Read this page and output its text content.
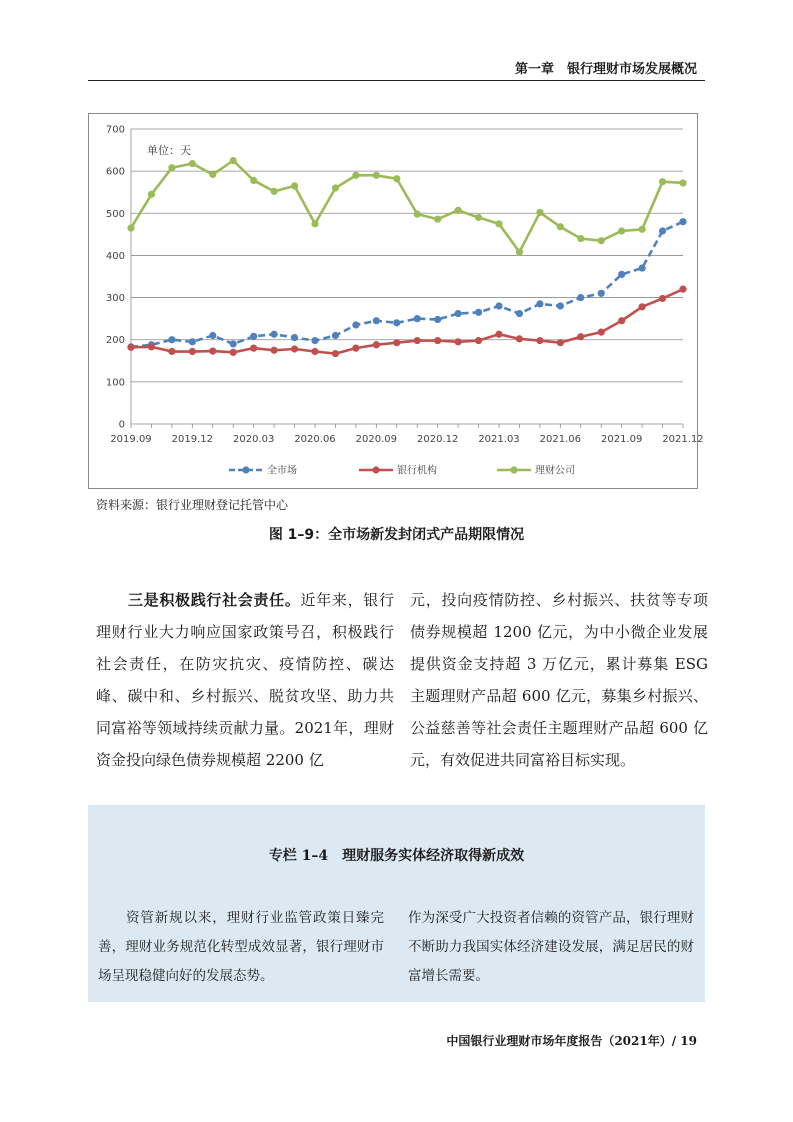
第一章　银行理财市场发展概况
0
100
200
300
400
500
600
700
2019.09 2019.12 2020.03 2020.06 2020.09 2020.12 2021.03 2021.06 2021.09 2021.12
单位：天
全市场	银行机构	理财公司
资料来源：银行业理财登记托管中心
图 1–9：全市场新发封闭式产品期限情况
三是积极践行社会责任。近年来，银行理财行业大力响应国家政策号召，积极践行社会责任，在防灾抗灾、疫情防控、碳达峰、碳中和、乡村振兴、脱贫攻坚、助力共同富裕等领域持续贡献力量。2021年，理财资金投向绿色债券规模超 2200 亿
元，投向疫情防控、乡村振兴、扶贫等专项债券规模超 1200 亿元，为中小微企业发展提供资金支持超 3 万亿元，累计募集 ESG 主题理财产品超 600 亿元，募集乡村振兴、公益慈善等社会责任主题理财产品超 600 亿元，有效促进共同富裕目标实现。
专栏 1–4　理财服务实体经济取得新成效
资管新规以来，理财行业监管政策日臻完善，理财业务规范化转型成效显著，银行理财市场呈现稳健向好的发展态势。
作为深受广大投资者信赖的资管产品，银行理财不断助力我国实体经济建设发展，满足居民的财富增长需要。
中国银行业理财市场年度报告（2021年）/ 19
